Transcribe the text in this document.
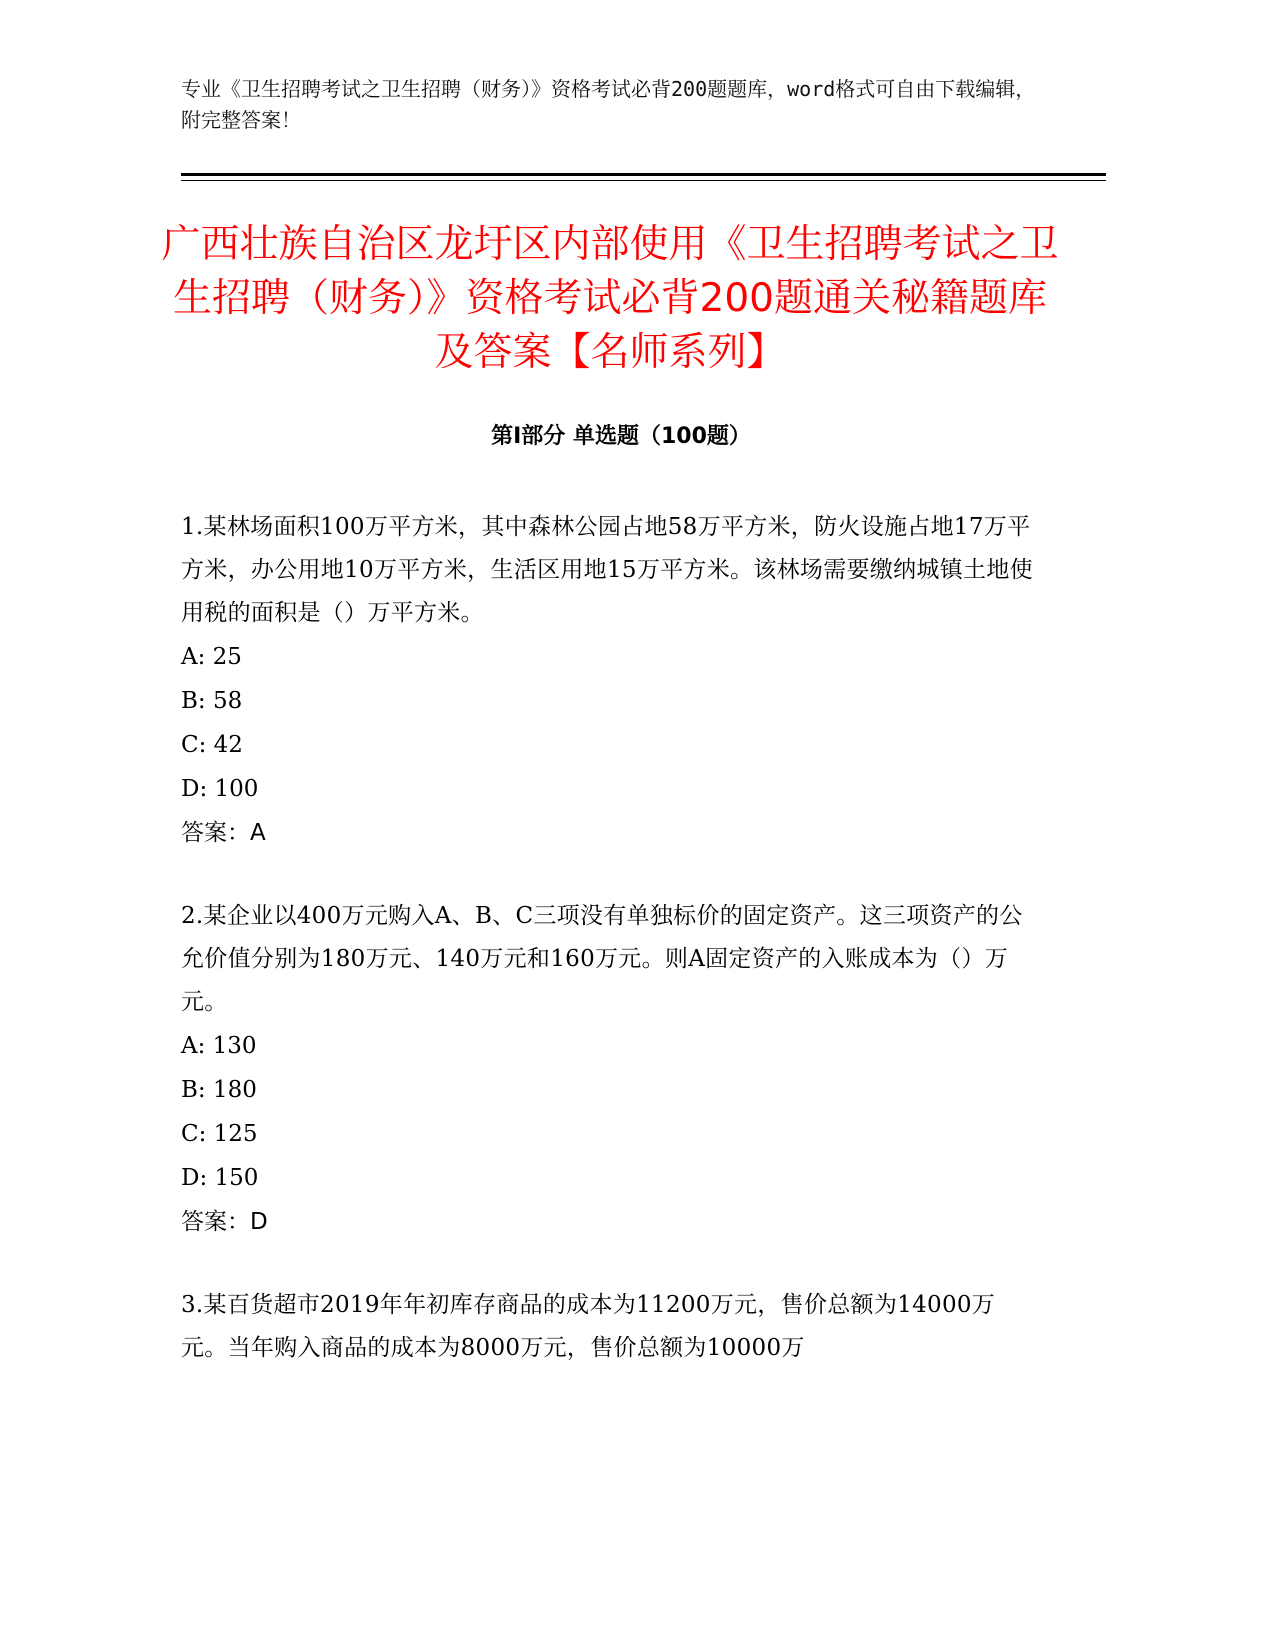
专业《卫生招聘考试之卫生招聘（财务）》资格考试必背200题题库，word格式可自由下载编辑，附完整答案！
广西壮族自治区龙圩区内部使用《卫生招聘考试之卫生招聘（财务）》资格考试必背200题通关秘籍题库及答案【名师系列】
第I部分 单选题（100题）
1.某林场面积100万平方米，其中森林公园占地58万平方米，防火设施占地17万平方米，办公用地10万平方米，生活区用地15万平方米。该林场需要缴纳城镇土地使用税的面积是（）万平方米。
A: 25
B: 58
C: 42
D: 100
答案：A
2.某企业以400万元购入A、B、C三项没有单独标价的固定资产。这三项资产的公允价值分别为180万元、140万元和160万元。则A固定资产的入账成本为（）万元。
A: 130
B: 180
C: 125
D: 150
答案：D
3.某百货超市2019年年初库存商品的成本为11200万元，售价总额为14000万元。当年购入商品的成本为8000万元，售价总额为10000万
